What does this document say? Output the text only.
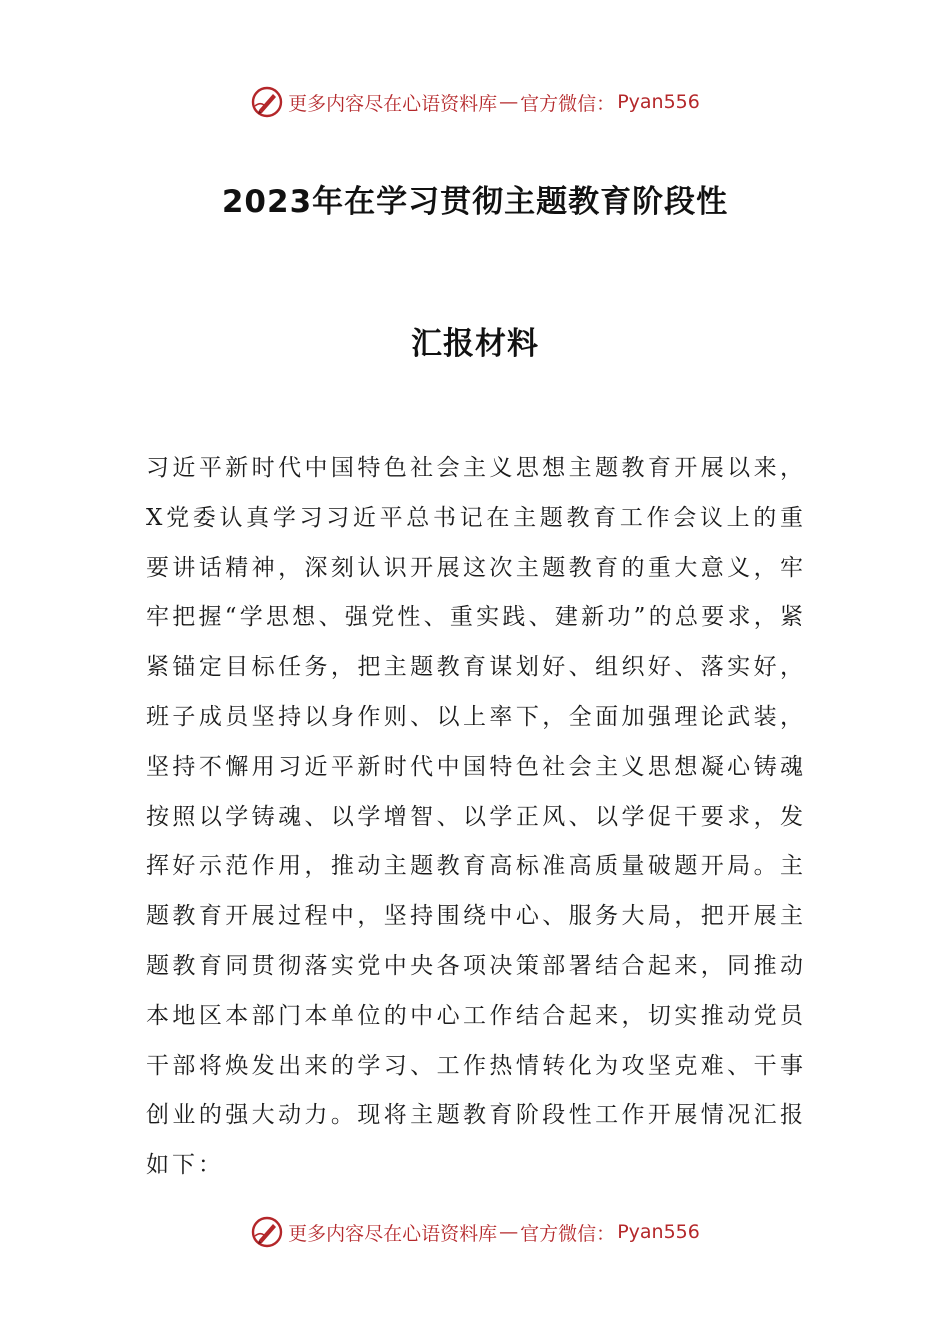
更多内容尽在心语资料库 — 官方微信： Pyan556
2023年在学习贯彻主题教育阶段性
汇报材料

习近平新时代中国特色社会主义思想主题教育开展以来，X党委认真学习习近平总书记在主题教育工作会议上的重要讲话精神，深刻认识开展这次主题教育的重大意义，牢牢把握“学思想、强党性、重实践、建新功”的总要求，紧紧锚定目标任务，把主题教育谋划好、组织好、落实好，班子成员坚持以身作则、以上率下，全面加强理论武装，坚持不懈用习近平新时代中国特色社会主义思想凝心铸魂按照以学铸魂、以学增智、以学正风、以学促干要求，发挥好示范作用，推动主题教育高标准高质量破题开局。主题教育开展过程中，坚持围绕中心、服务大局，把开展主题教育同贯彻落实党中央各项决策部署结合起来，同推动本地区本部门本单位的中心工作结合起来，切实推动党员干部将焕发出来的学习、工作热情转化为攻坚克难、干事创业的强大动力。现将主题教育阶段性工作开展情况汇报如下：

更多内容尽在心语资料库 — 官方微信： Pyan556
